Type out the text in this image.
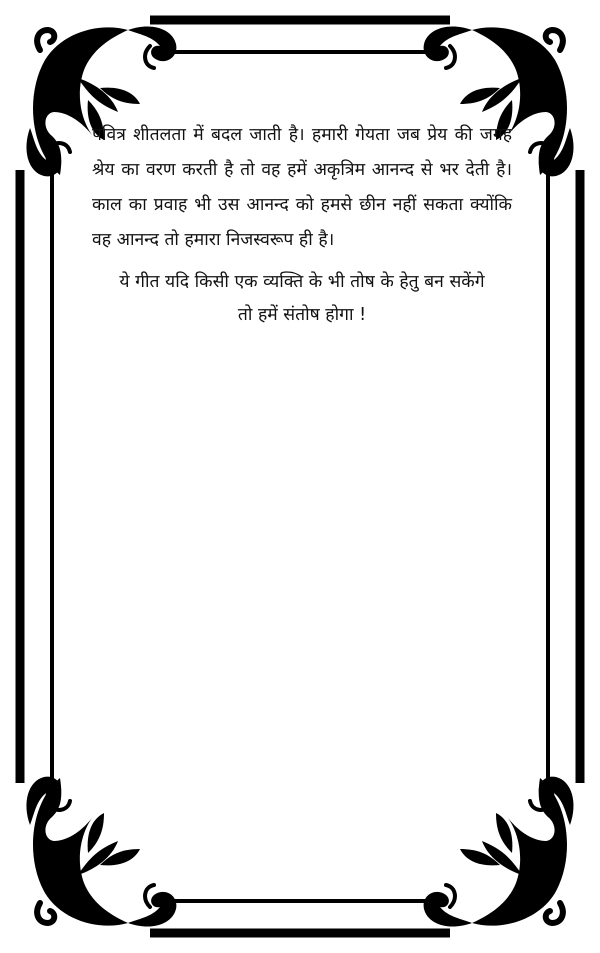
पवित्र शीतलता में बदल जाती है। हमारी गेयता जब प्रेय की जगह श्रेय का वरण करती है तो वह हमें अकृत्रिम आनन्द से भर देती है।काल का प्रवाह भी उस आनन्द को हमसे छीन नहीं सकता क्योंकि वह आनन्द तो हमारा निजस्वरूप ही है।

ये गीत यदि किसी एक व्यक्ति के भी तोष के हेतु बन सकेंगे
तो हमें संतोष होगा !
